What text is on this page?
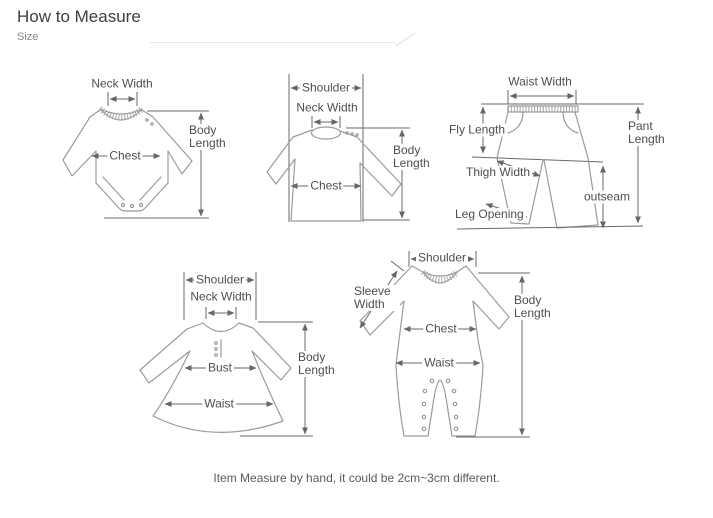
How to Measure
Size
Neck Width
Chest
Body Length
Shoulder
Neck Width
Chest
Body Length
Waist Width
Fly Length
Thigh Width
Leg Opening
outseam
Pant Length
Shoulder
Neck Width
Bust
Waist
Body Length
Shoulder
Sleeve Width
Chest
Waist
Body Length
Item Measure by hand, it could be 2cm~3cm different.
